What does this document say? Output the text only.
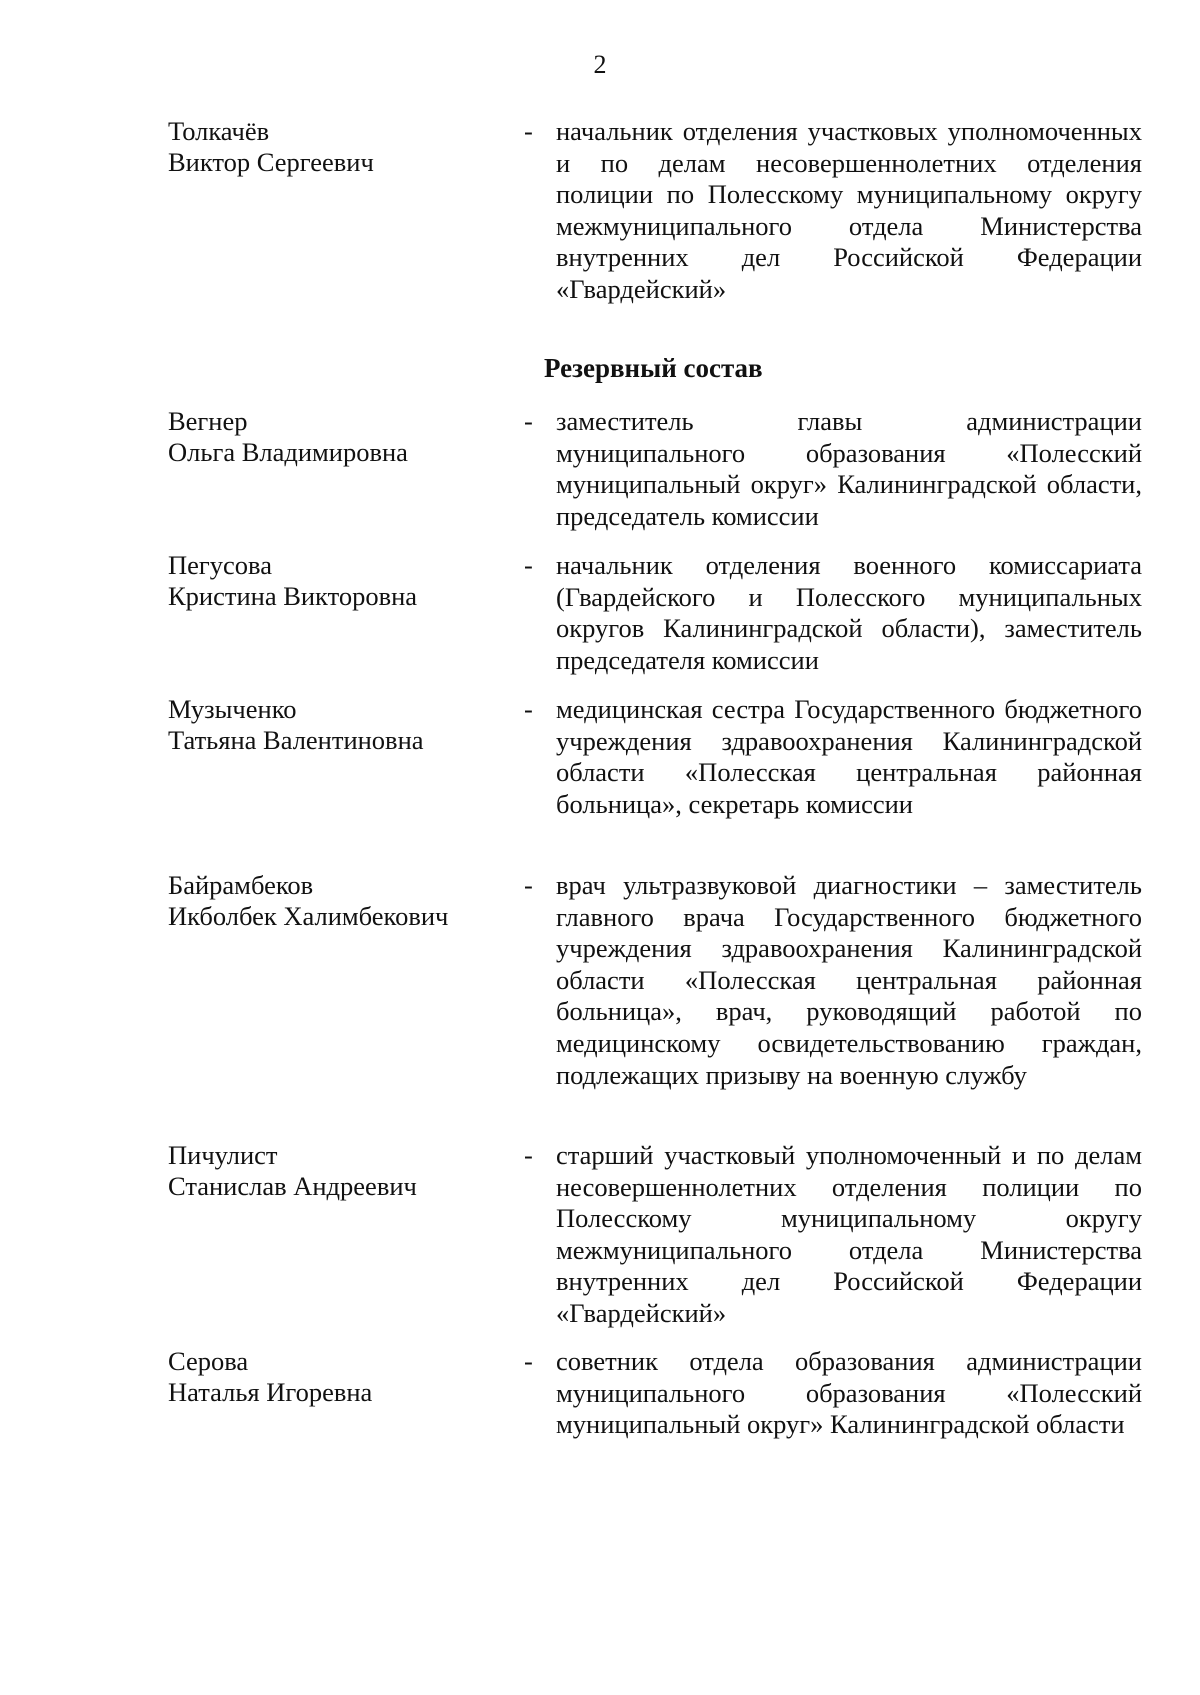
2
Толкачёв
Виктор Сергеевич
- начальник отделения участковых уполномоченных и по делам несовершеннолетних отделения полиции по Полесскому муниципальному округу межмуниципального отдела Министерства внутренних дел Российской Федерации «Гвардейский»
Резервный состав
Вегнер
Ольга Владимировна
- заместитель главы администрации муниципального образования «Полесский муниципальный округ» Калининградской области, председатель комиссии
Пегусова
Кристина Викторовна
- начальник отделения военного комиссариата (Гвардейского и Полесского муниципальных округов Калининградской области), заместитель председателя комиссии
Музыченко
Татьяна Валентиновна
- медицинская сестра Государственного бюджетного учреждения здравоохранения Калининградской области «Полесская центральная районная больница», секретарь комиссии
Байрамбеков
Икболбек Халимбекович
- врач ультразвуковой диагностики – заместитель главного врача Государственного бюджетного учреждения здравоохранения Калининградской области «Полесская центральная районная больница», врач, руководящий работой по медицинскому освидетельствованию граждан, подлежащих призыву на военную службу
Пичулист
Станислав Андреевич
- старший участковый уполномоченный и по делам несовершеннолетних отделения полиции по Полесскому муниципальному округу межмуниципального отдела Министерства внутренних дел Российской Федерации «Гвардейский»
Серова
Наталья Игоревна
- советник отдела образования администрации муниципального образования «Полесский муниципальный округ» Калининградской области
